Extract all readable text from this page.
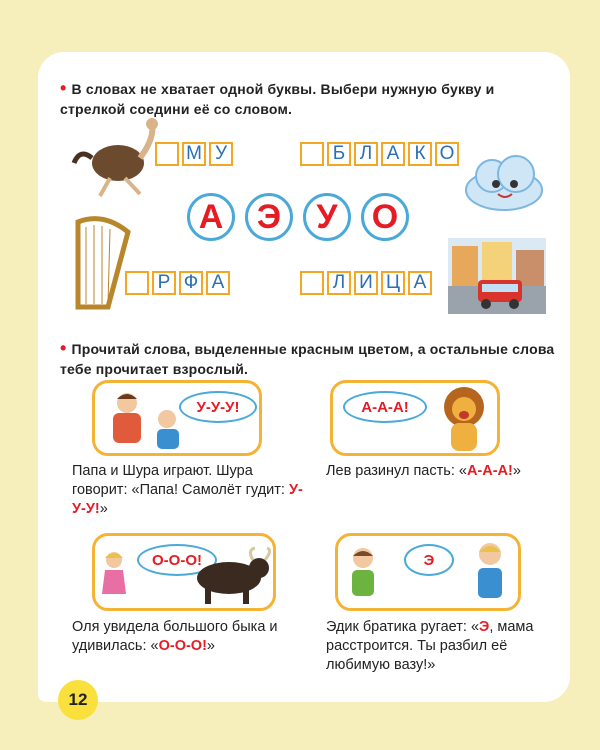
• В словах не хватает одной буквы. Выбери нужную букву и стрелкой соедини её со словом.
М У	Б Л А К О
А Э	У	О
Р Ф А	Л И Ц А
• Прочитай слова, выделенные красным цветом, а остальные слова тебе прочитает взрослый.
У-У-У!
Папа и Шура играют. Шура говорит: «Папа! Самолёт гудит: У-У-У!»
А-А-А!
Лев разинул пасть: «А-А-А!»
О-О-О!
Оля увидела большого быка и удивилась: «О-О-О!»
Э
Эдик братика ругает: «Э, мама расстроится. Ты разбил её любимую вазу!»
12
